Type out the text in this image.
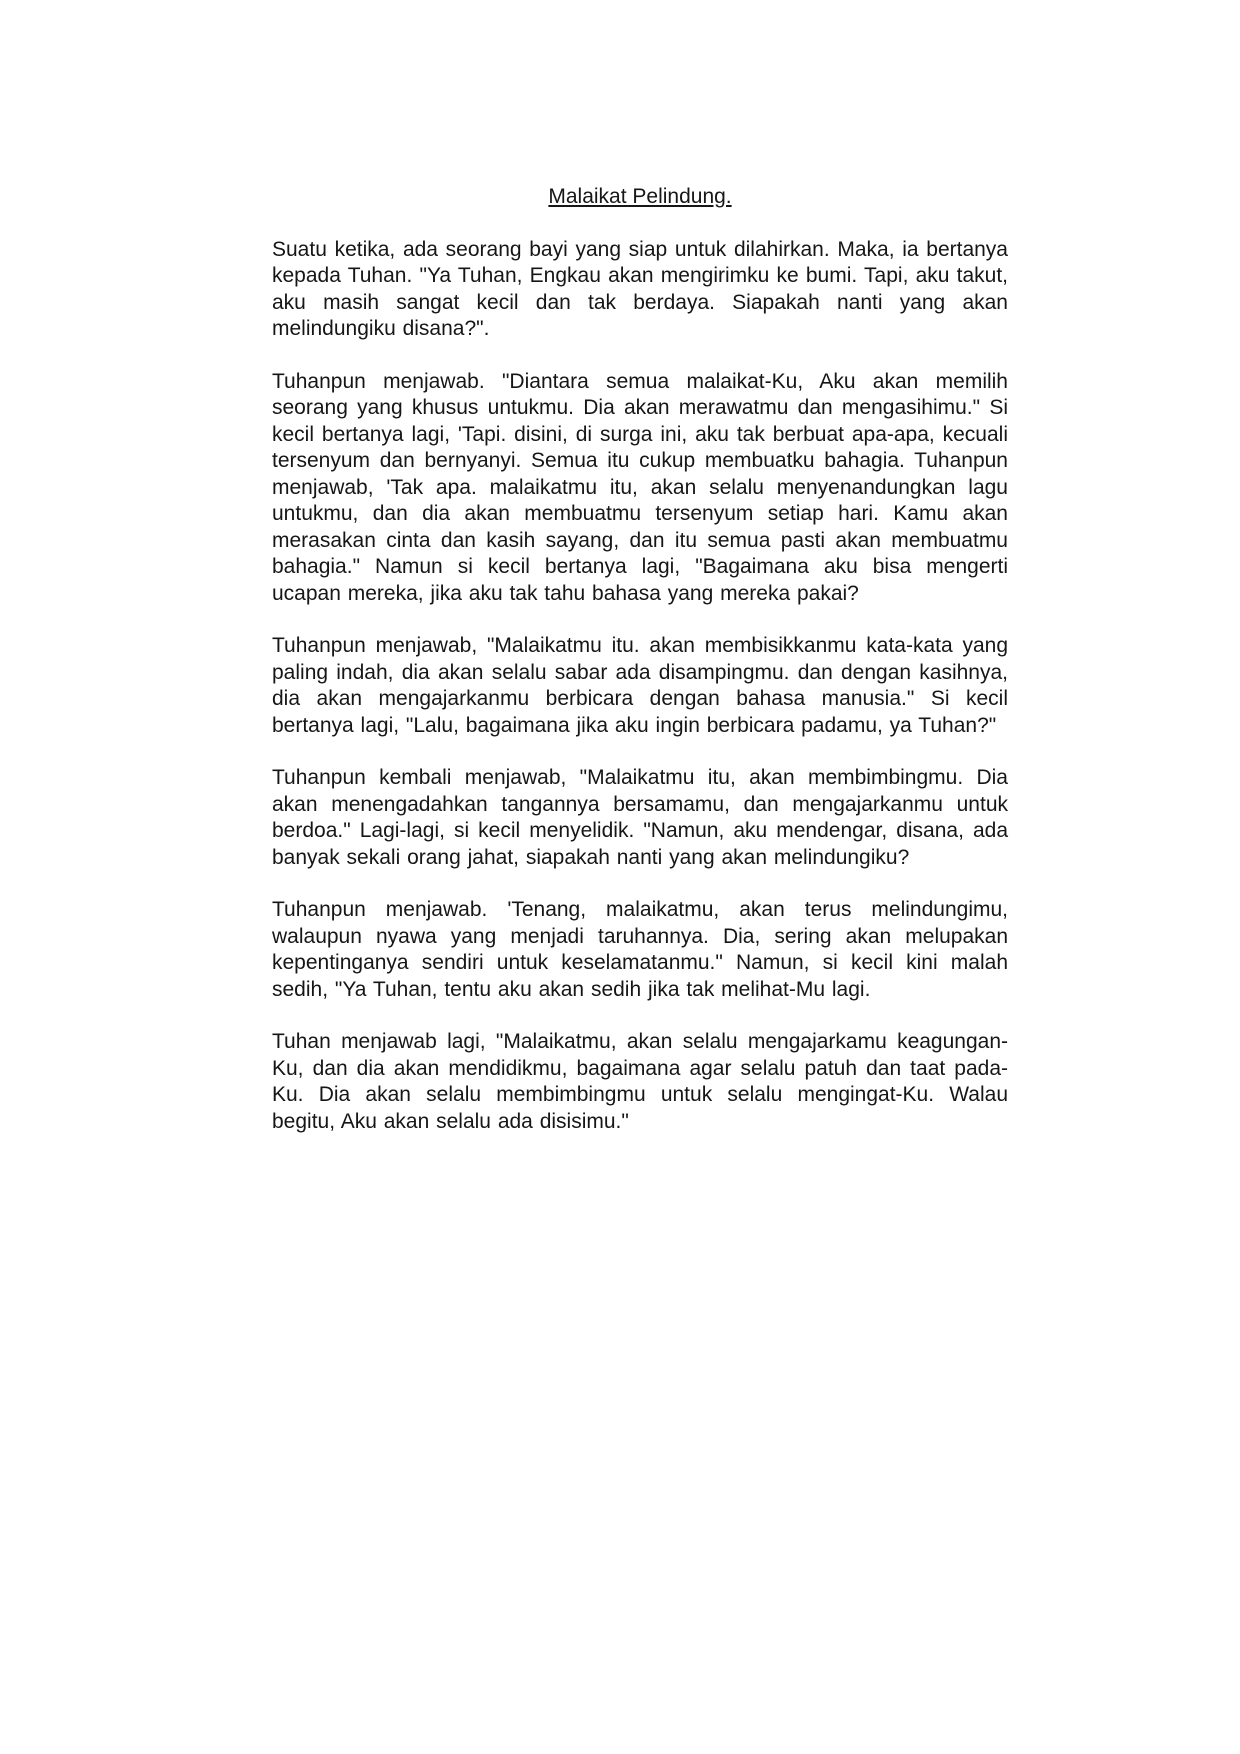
Malaikat Pelindung.

Suatu ketika, ada seorang bayi yang siap untuk dilahirkan. Maka, ia bertanya kepada Tuhan. "Ya Tuhan, Engkau akan mengirimku ke bumi. Tapi, aku takut, aku masih sangat kecil dan tak berdaya. Siapakah nanti yang akan melindungiku disana?".

Tuhanpun menjawab. "Diantara semua malaikat-Ku, Aku akan memilih seorang yang khusus untukmu. Dia akan merawatmu dan mengasihimu." Si kecil bertanya lagi, 'Tapi. disini, di surga ini, aku tak berbuat apa-apa, kecuali tersenyum dan bernyanyi. Semua itu cukup membuatku bahagia. Tuhanpun menjawab, 'Tak apa. malaikatmu itu, akan selalu menyenandungkan lagu untukmu, dan dia akan membuatmu tersenyum setiap hari. Kamu akan merasakan cinta dan kasih sayang, dan itu semua pasti akan membuatmu bahagia." Namun si kecil bertanya lagi, "Bagaimana aku bisa mengerti ucapan mereka, jika aku tak tahu bahasa yang mereka pakai?

Tuhanpun menjawab, "Malaikatmu itu. akan membisikkanmu kata-kata yang paling indah, dia akan selalu sabar ada disampingmu. dan dengan kasihnya, dia akan mengajarkanmu berbicara dengan bahasa manusia." Si kecil bertanya lagi, "Lalu, bagaimana jika aku ingin berbicara padamu, ya Tuhan?"

Tuhanpun kembali menjawab, "Malaikatmu itu, akan membimbingmu. Dia akan menengadahkan tangannya bersamamu, dan mengajarkanmu untuk berdoa." Lagi-lagi, si kecil menyelidik. "Namun, aku mendengar, disana, ada banyak sekali orang jahat, siapakah nanti yang akan melindungiku?

Tuhanpun menjawab. 'Tenang, malaikatmu, akan terus melindungimu, walaupun nyawa yang menjadi taruhannya. Dia, sering akan melupakan kepentinganya sendiri untuk keselamatanmu." Namun, si kecil kini malah sedih, "Ya Tuhan, tentu aku akan sedih jika tak melihat-Mu lagi.

Tuhan menjawab lagi, "Malaikatmu, akan selalu mengajarkamu keagungan-Ku, dan dia akan mendidikmu, bagaimana agar selalu patuh dan taat pada-Ku. Dia akan selalu membimbingmu untuk selalu mengingat-Ku. Walau begitu, Aku akan selalu ada disisimu."
